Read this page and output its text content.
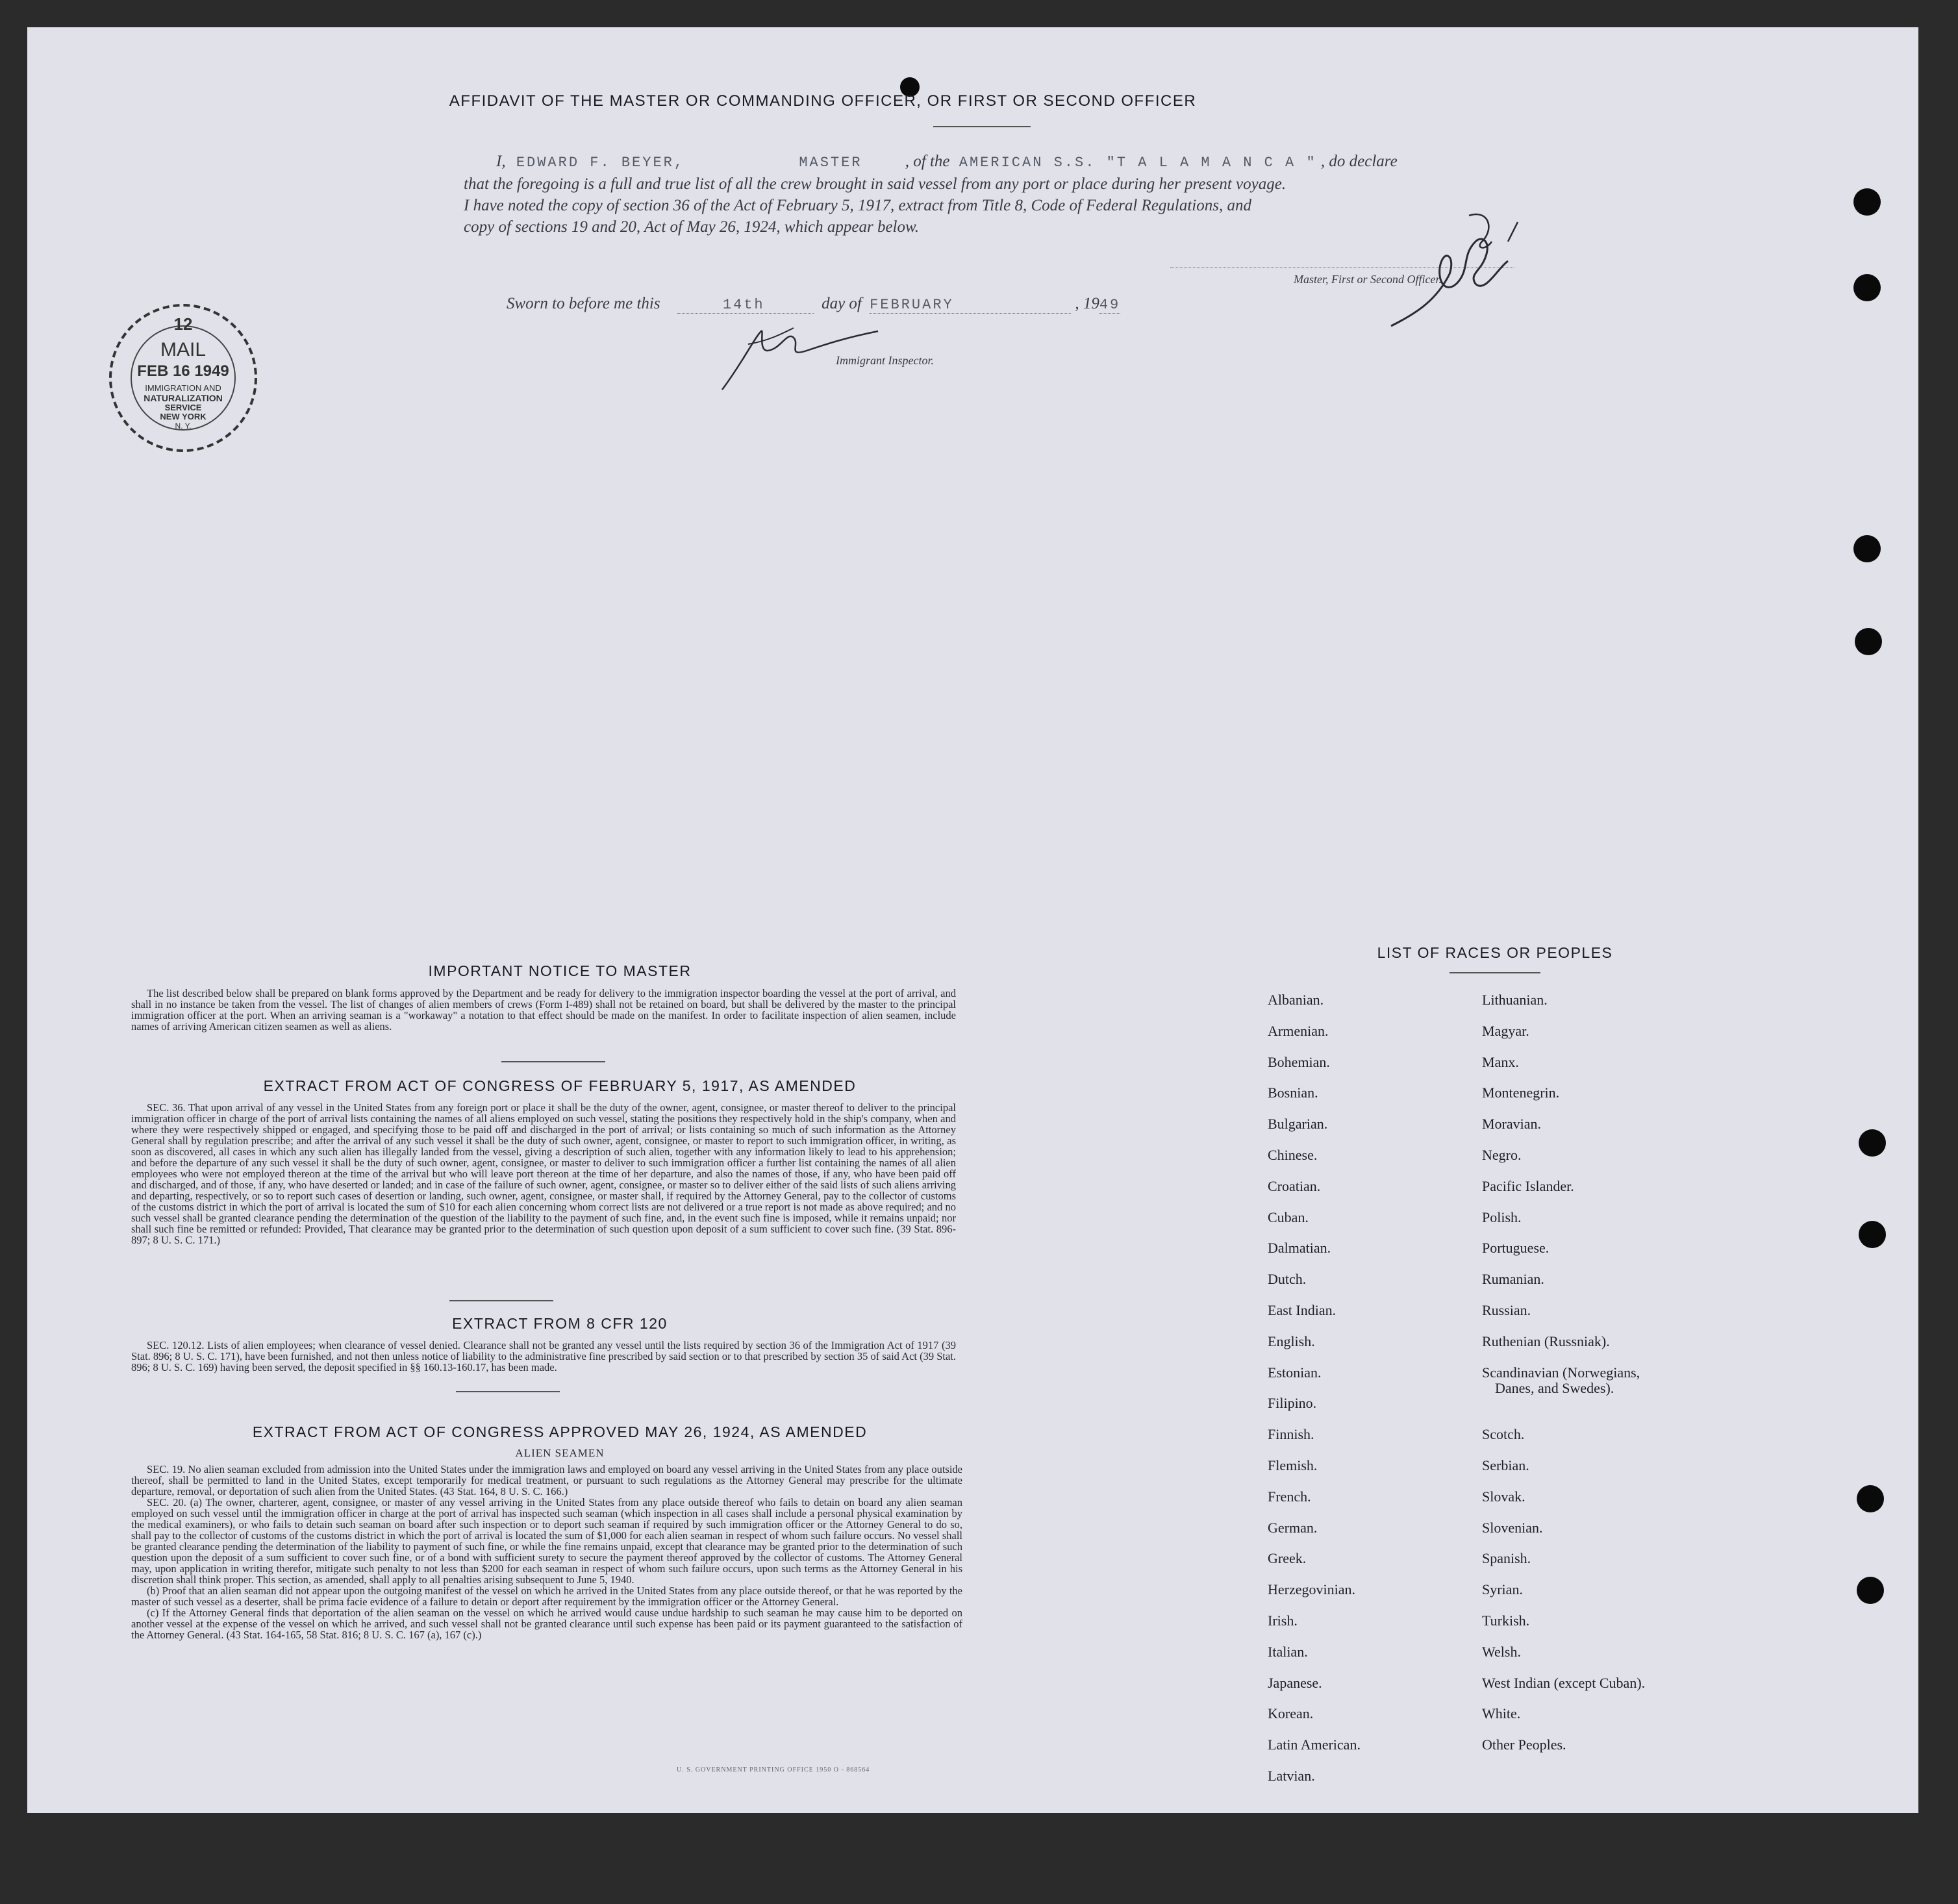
AFFIDAVIT OF THE MASTER OR COMMANDING OFFICER, OR FIRST OR SECOND OFFICER
I, EDWARD F. BEYER,	MASTER	, of the AMERICAN S.S. "T A L A M A N C A " , do declare
that the foregoing is a full and true list of all the crew brought in said vessel from any port or place during her present voyage.
I have noted the copy of section 36 of the Act of February 5, 1917, extract from Title 8, Code of Federal Regulations, and
copy of sections 19 and 20, Act of May 26, 1924, which appear below.
Master, First or Second Officer.
Sworn to before me this	14th	day of FEBRUARY	, 1949
Immigrant Inspector.
12
MAIL
FEB 16 1949
IMMIGRATION AND
NATURALIZATION
SERVICE
NEW YORK
N. Y.
IMPORTANT NOTICE TO MASTER

The list described below shall be prepared on blank forms approved by the Department and be ready for delivery to the immigration inspector boarding the vessel at the port of arrival, and shall in no instance be taken from the vessel. The list of changes of alien members of crews (Form I-489) shall not be retained on board, but shall be delivered by the master to the principal immigration officer at the port. When an arriving seaman is a "workaway" a notation to that effect should be made on the manifest. In order to facilitate inspection of alien seamen, include names of arriving American citizen seamen as well as aliens.

EXTRACT FROM ACT OF CONGRESS OF FEBRUARY 5, 1917, AS AMENDED

SEC. 36. That upon arrival of any vessel in the United States from any foreign port or place it shall be the duty of the owner, agent, consignee, or master thereof to deliver to the principal immigration officer in charge of the port of arrival lists containing the names of all aliens employed on such vessel, stating the positions they respectively hold in the ship's company, when and where they were respectively shipped or engaged, and specifying those to be paid off and discharged in the port of arrival; or lists containing so much of such information as the Attorney General shall by regulation prescribe; and after the arrival of any such vessel it shall be the duty of such owner, agent, consignee, or master to report to such immigration officer, in writing, as soon as discovered, all cases in which any such alien has illegally landed from the vessel, giving a description of such alien, together with any information likely to lead to his apprehension; and before the departure of any such vessel it shall be the duty of such owner, agent, consignee, or master to deliver to such immigration officer a further list containing the names of all alien employees who were not employed thereon at the time of the arrival but who will leave port thereon at the time of her departure, and also the names of those, if any, who have been paid off and discharged, and of those, if any, who have deserted or landed; and in case of the failure of such owner, agent, consignee, or master so to deliver either of the said lists of such aliens arriving and departing, respectively, or so to report such cases of desertion or landing, such owner, agent, consignee, or master shall, if required by the Attorney General, pay to the collector of customs of the customs district in which the port of arrival is located the sum of $10 for each alien concerning whom correct lists are not delivered or a true report is not made as above required; and no such vessel shall be granted clearance pending the determination of the question of the liability to the payment of such fine, and, in the event such fine is imposed, while it remains unpaid; nor shall such fine be remitted or refunded: Provided, That clearance may be granted prior to the determination of such question upon deposit of a sum sufficient to cover such fine. (39 Stat. 896-897; 8 U. S. C. 171.)

EXTRACT FROM 8 CFR 120

SEC. 120.12. Lists of alien employees; when clearance of vessel denied. Clearance shall not be granted any vessel until the lists required by section 36 of the Immigration Act of 1917 (39 Stat. 896; 8 U. S. C. 171), have been furnished, and not then unless notice of liability to the administrative fine prescribed by said section or to that prescribed by section 35 of said Act (39 Stat. 896; 8 U. S. C. 169) having been served, the deposit specified in §§ 160.13-160.17, has been made.

EXTRACT FROM ACT OF CONGRESS APPROVED MAY 26, 1924, AS AMENDED
ALIEN SEAMEN

SEC. 19. No alien seaman excluded from admission into the United States under the immigration laws and employed on board any vessel arriving in the United States from any place outside thereof, shall be permitted to land in the United States, except temporarily for medical treatment, or pursuant to such regulations as the Attorney General may prescribe for the ultimate departure, removal, or deportation of such alien from the United States. (43 Stat. 164, 8 U. S. C. 166.)

SEC. 20. (a) The owner, charterer, agent, consignee, or master of any vessel arriving in the United States from any place outside thereof who fails to detain on board any alien seaman employed on such vessel until the immigration officer in charge at the port of arrival has inspected such seaman (which inspection in all cases shall include a personal physical examination by the medical examiners), or who fails to detain such seaman on board after such inspection or to deport such seaman if required by such immigration officer or the Attorney General to do so, shall pay to the collector of customs of the customs district in which the port of arrival is located the sum of $1,000 for each alien seaman in respect of whom such failure occurs. No vessel shall be granted clearance pending the determination of the liability to payment of such fine, or while the fine remains unpaid, except that clearance may be granted prior to the determination of such question upon the deposit of a sum sufficient to cover such fine, or of a bond with sufficient surety to secure the payment thereof approved by the collector of customs. The Attorney General may, upon application in writing therefor, mitigate such penalty to not less than $200 for each seaman in respect of whom such failure occurs, upon such terms as the Attorney General in his discretion shall think proper. This section, as amended, shall apply to all penalties arising subsequent to June 5, 1940.

(b) Proof that an alien seaman did not appear upon the outgoing manifest of the vessel on which he arrived in the United States from any place outside thereof, or that he was reported by the master of such vessel as a deserter, shall be prima facie evidence of a failure to detain or deport after requirement by the immigration officer or the Attorney General.

(c) If the Attorney General finds that deportation of the alien seaman on the vessel on which he arrived would cause undue hardship to such seaman he may cause him to be deported on another vessel at the expense of the vessel on which he arrived, and such vessel shall not be granted clearance until such expense has been paid or its payment guaranteed to the satisfaction of the Attorney General. (43 Stat. 164-165, 58 Stat. 816; 8 U. S. C. 167 (a), 167 (c).)

U. S. GOVERNMENT PRINTING OFFICE 1950 O - 868564
LIST OF RACES OR PEOPLES
Albanian.
Armenian.
Bohemian.
Bosnian.
Bulgarian.
Chinese.
Croatian.
Cuban.
Dalmatian.
Dutch.
East Indian.
English.
Estonian.
Filipino.
Finnish.
Flemish.
French.
German.
Greek.
Herzegovinian.
Irish.
Italian.
Japanese.
Korean.
Latin American.
Latvian.
Lithuanian.
Magyar.
Manx.
Montenegrin.
Moravian.
Negro.
Pacific Islander.
Polish.
Portuguese.
Rumanian.
Russian.
Ruthenian (Russniak).
Scandinavian (Norwegians,
Danes, and Swedes).
Scotch.
Serbian.
Slovak.
Slovenian.
Spanish.
Syrian.
Turkish.
Welsh.
West Indian (except Cuban).
White.
Other Peoples.
